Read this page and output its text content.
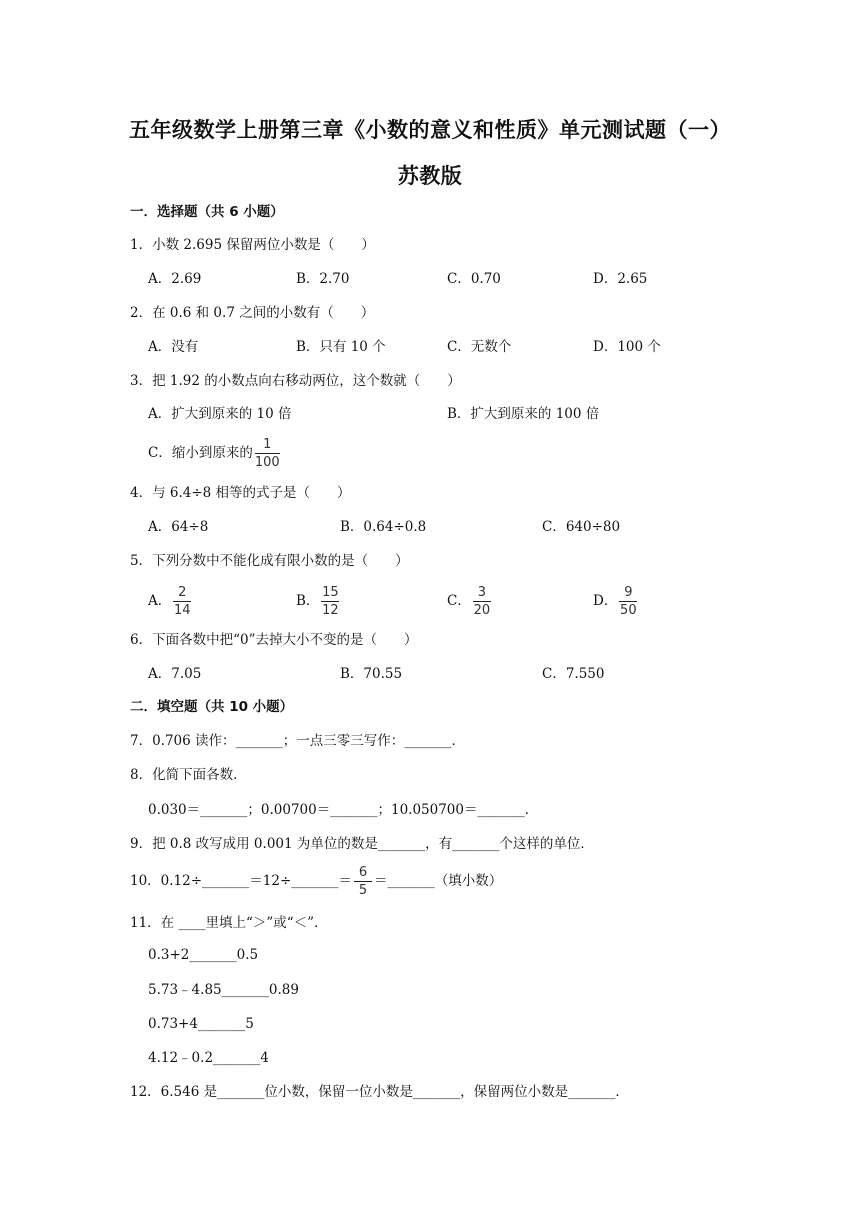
五年级数学上册第三章《小数的意义和性质》单元测试题（一）
苏教版
一．选择题（共 6 小题）
1．小数 2.695 保留两位小数是（　　）
A．2.69	B．2.70	C．0.70	D．2.65
2．在 0.6 和 0.7 之间的小数有（　　）
A．没有	B．只有 10 个	C．无数个	D．100 个
3．把 1.92 的小数点向右移动两位，这个数就（　　）
A．扩大到原来的 10 倍	B．扩大到原来的 100 倍
C．缩小到原来的 $\frac{1}{100}$
4．与 6.4÷8 相等的式子是（　　）
A．64÷8	B．0.64÷0.8	C．640÷80
5．下列分数中不能化成有限小数的是（　　）
A． $\frac{2}{14}$	B． $\frac{15}{12}$	C． $\frac{3}{20}$	D． $\frac{9}{50}$
6．下面各数中把“0”去掉大小不变的是（　　）
A．7.05	B．70.55	C．7.550
二．填空题（共 10 小题）
7．0.706 读作：_______；一点三零三写作：_______．
8．化简下面各数．
0.030＝_______；0.00700＝_______；10.050700＝_______．
9．把 0.8 改写成用 0.001 为单位的数是_______，有_______个这样的单位．
10．0.12÷_______＝12÷_______＝ $\frac{6}{5}$ ＝_______（填小数）
11．在 ____里填上“＞”或“＜”．
0.3+2_______0.5
5.73﹣4.85_______0.89
0.73+4_______5
4.12﹣0.2_______4
12．6.546 是_______位小数，保留一位小数是_______，保留两位小数是_______．
